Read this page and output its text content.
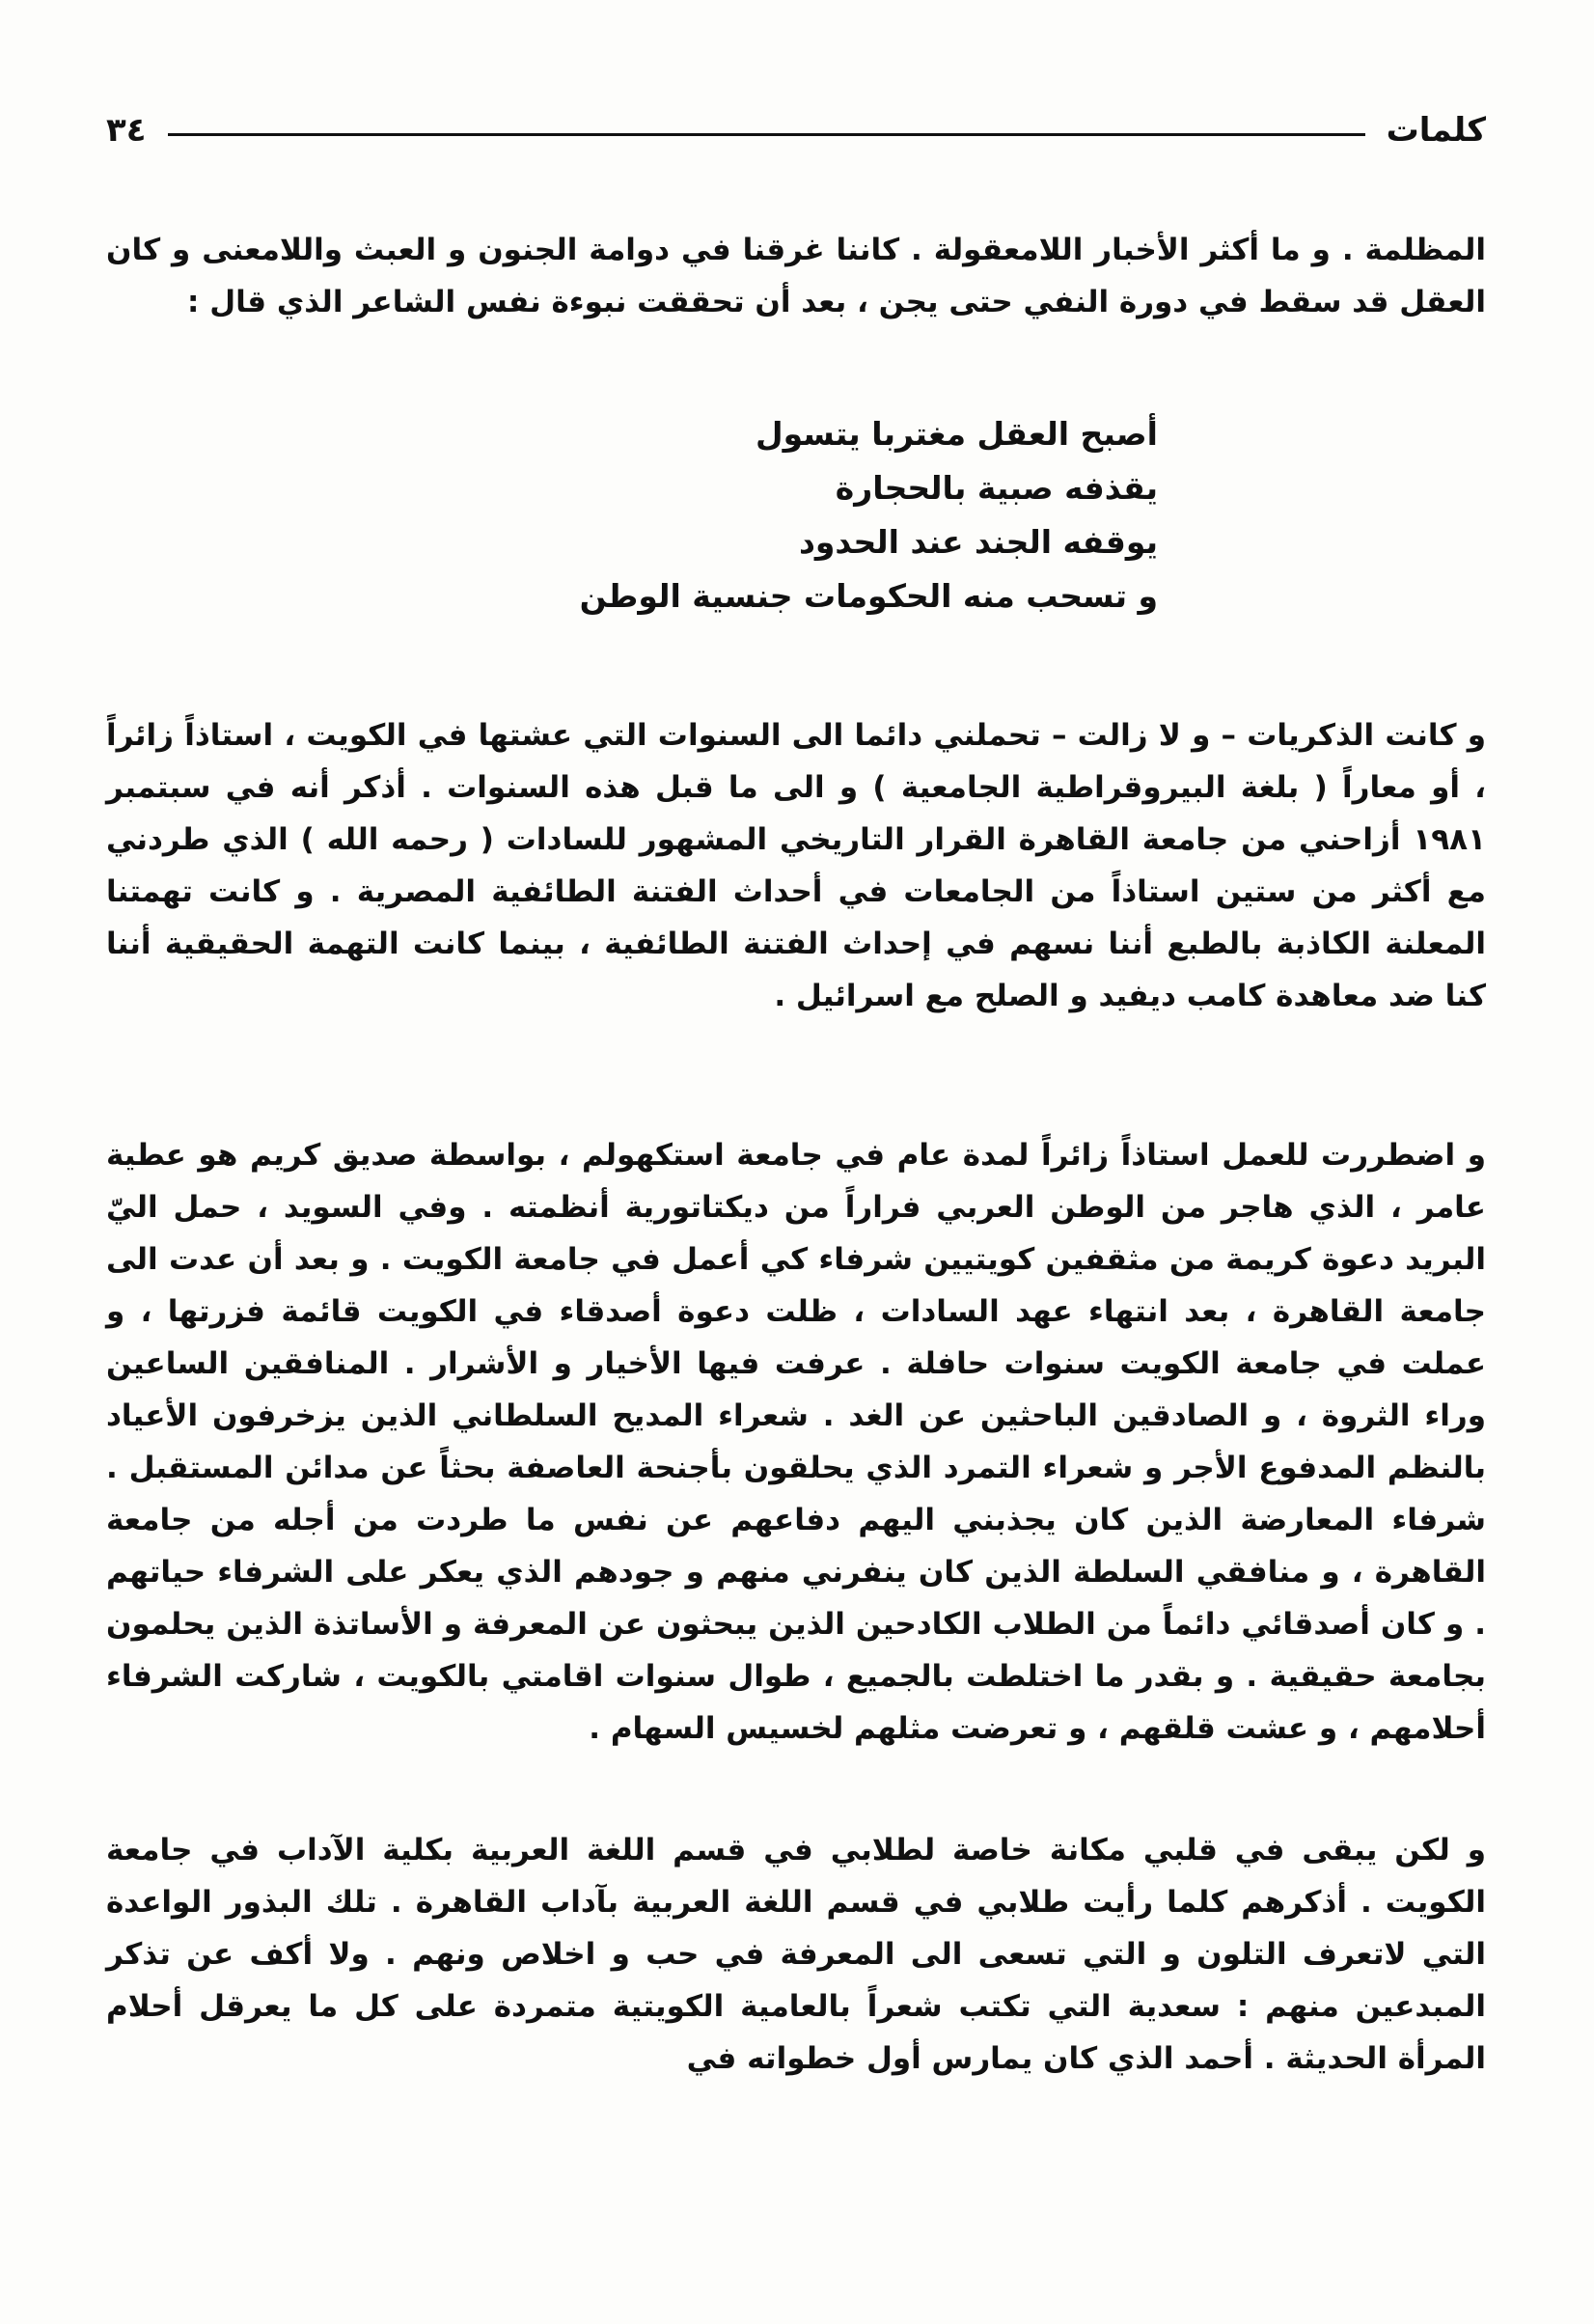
كلمات
٣٤

المظلمة . و ما أكثر الأخبار اللامعقولة . كاننا غرقنا في دوامة الجنون و العبث واللامعنى و كان العقل قد سقط في دورة النفي حتى يجن ، بعد أن تحققت نبوءة نفس الشاعر الذي قال :

أصبح العقل مغتربا يتسول
يقذفه صبية بالحجارة
يوقفه الجند عند الحدود
و تسحب منه الحكومات جنسية الوطن

و كانت الذكريات – و لا زالت – تحملني دائما الى السنوات التي عشتها في الكويت ، استاذاً زائراً ، أو معاراً ( بلغة البيروقراطية الجامعية ) و الى ما قبل هذه السنوات . أذكر أنه في سبتمبر ١٩٨١ أزاحني من جامعة القاهرة القرار التاريخي المشهور للسادات ( رحمه الله ) الذي طردني مع أكثر من ستين استاذاً من الجامعات في أحداث الفتنة الطائفية المصرية . و كانت تهمتنا المعلنة الكاذبة بالطبع أننا نسهم في إحداث الفتنة الطائفية ، بينما كانت التهمة الحقيقية أننا كنا ضد معاهدة كامب ديفيد و الصلح مع اسرائيل .

و اضطررت للعمل استاذاً زائراً لمدة عام في جامعة استكهولم ، بواسطة صديق كريم هو عطية عامر ، الذي هاجر من الوطن العربي فراراً من ديكتاتورية أنظمته . وفي السويد ، حمل اليّ البريد دعوة كريمة من مثقفين كويتيين شرفاء كي أعمل في جامعة الكويت . و بعد أن عدت الى جامعة القاهرة ، بعد انتهاء عهد السادات ، ظلت دعوة أصدقاء في الكويت قائمة فزرتها ، و عملت في جامعة الكويت سنوات حافلة . عرفت فيها الأخيار و الأشرار . المنافقين الساعين وراء الثروة ، و الصادقين الباحثين عن الغد . شعراء المديح السلطاني الذين يزخرفون الأعياد بالنظم المدفوع الأجر و شعراء التمرد الذي يحلقون بأجنحة العاصفة بحثاً عن مدائن المستقبل . شرفاء المعارضة الذين كان يجذبني اليهم دفاعهم عن نفس ما طردت من أجله من جامعة القاهرة ، و منافقي السلطة الذين كان ينفرني منهم و جودهم الذي يعكر على الشرفاء حياتهم . و كان أصدقائي دائماً من الطلاب الكادحين الذين يبحثون عن المعرفة و الأساتذة الذين يحلمون بجامعة حقيقية . و بقدر ما اختلطت بالجميع ، طوال سنوات اقامتي بالكويت ، شاركت الشرفاء أحلامهم ، و عشت قلقهم ، و تعرضت مثلهم لخسيس السهام .

و لكن يبقى في قلبي مكانة خاصة لطلابي في قسم اللغة العربية بكلية الآداب في جامعة الكويت . أذكرهم كلما رأيت طلابي في قسم اللغة العربية بآداب القاهرة . تلك البذور الواعدة التي لاتعرف التلون و التي تسعى الى المعرفة في حب و اخلاص ونهم . ولا أكف عن تذكر المبدعين منهم : سعدية التي تكتب شعراً بالعامية الكويتية متمردة على كل ما يعرقل أحلام المرأة الحديثة . أحمد الذي كان يمارس أول خطواته في
